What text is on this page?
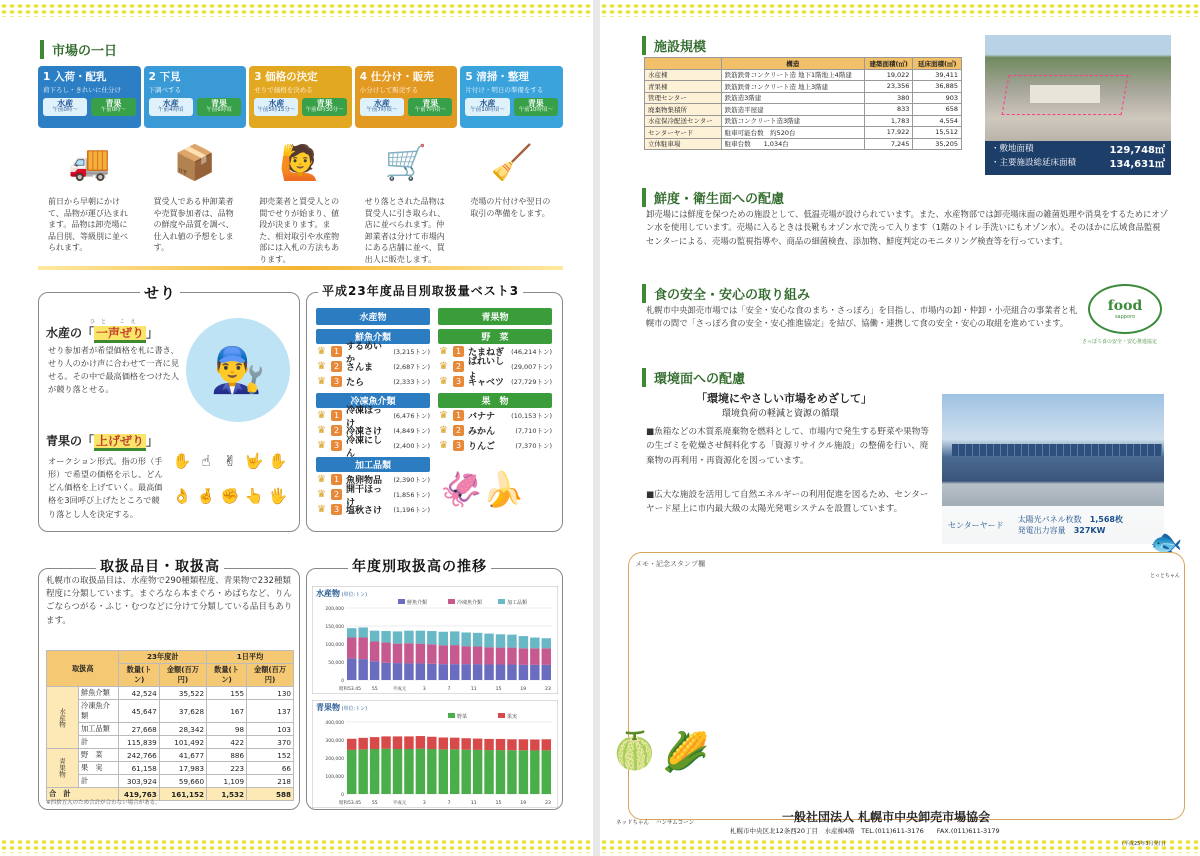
市場の一日
1 入荷・配乳
荷下ろし・きれいに仕分け
水産
午前0時〜
青果
午前0時〜
2 下見
下調べする
水産
午前4時頃
青果
午前6時頃
3 価格の決定
せりで価格を決める
水産
午前5時15分〜
青果
午前6時30分〜
4 仕分け・販売
小分けして販売する
水産
午前7時頃〜
青果
午前7時頃〜
5 清掃・整理
片付け・明日の準備をする
水産
午前10時頃〜
青果
午前10時頃〜
🚚	📦	🙋	🛒	🧹
前日から早朝にかけて、品物が運び込まれます。品物は卸売場に品目別、等級別に並べられます。
買受人である仲卸業者や売買参加者は、品物の鮮度や品質を調べ、仕入れ値の予想をします。
卸売業者と買受人との間でせりが始まり、値段が決まります。また、相対取引や水産物部には入札の方法もあります。
せり落とされた品物は買受人に引き取られ、店に並べられます。仲卸業者は分けて市場内にある店舗に並べ、買出人に販売します。
売場の片付けや翌日の取引の準備をします。
せり
ひと こえ
水産の「 一声ぜり 」
せり参加者が希望価格を札に書き、せり人のかけ声に合わせて一斉に見せる。その中で最高価格をつけた人が競り落とせる。	👨‍🔧
青果の「 上げぜり 」
オークション形式。指の形（手形）で希望の価格を示し、どんどん価格を上げていく。最高価格を3回呼び上げたところで競り落とし人を決定する。
✋ ☝ ✌ 🤟 ✋
👌 🤞 ✊ 👆 🖐
平成23年度品目別取扱量ベスト3
水産物
鮮魚介類
♛ 1 するめいか
(3,215トン)
♛ 2 さんま	(2,687トン)
♛ 3 たら	(2,333トン)
冷凍魚介類
♛ 1 冷凍ほっけ
(6,476トン)
♛ 2 冷凍さけ	(4,849トン)
♛ 3 冷凍にしん
(2,400トン)
加工品類
♛ 1 魚卵物品	(2,390トン)
♛ 2 開干ほっけ
(1,856トン)
♛ 3 塩秋さけ	(1,196トン)
青果物
野　菜
♛ 1 たまねぎ	(46,214トン)
♛ 2 ばれいしょ
(29,007トン)
♛ 3 キャベツ	(27,729トン)
果　物
♛ 1 バナナ	(10,153トン)
♛ 2 みかん	(7,710トン)
♛ 3 りんご	(7,370トン)
🦑🍌
取扱品目・取扱高
札幌市の取扱品目は、水産物で290種類程度、青果物で232種類程度に分類しています。まぐろなら本まぐろ・めばちなど、りんごならつがる・ふじ・むつなどに分けて分類している品目もあります。
取扱高		23年度計		1日平均	
		数量(トン)	金額(百万円)	数量(トン)	金額(百万円)
水産物	鮮魚介類	42,524	35,522	155	130
	冷凍魚介類	45,647	37,628	167	137
	加工品類	27,668	28,342	98	103
	計	115,839	101,492	422	370
青果物	野　菜	242,766	41,677	886	152
	果　実	61,158	17,983	223	66
	計	303,924	59,660	1,109	218
合　計		419,763	161,152	1,532	588
※四捨五入のため合計が合わない場合がある。
年度別取扱高の推移
水産物 (単位:トン)
鮮魚介類	冷凍魚介類	加工品類
200,000
150,000
100,000
50,000
0
昭和53.45 55	平成元	3	7	11	15	19	23
青果物 (単位:トン)
野菜	果実
400,000
300,000
200,000
100,000
0
昭和53.45 55	平成元	3	7	11	15	19	23
施設規模
	構造	建築面積(㎡)	延床面積(㎡)
水産棟	鉄筋鉄骨コンクリート造 地下1階地上4階建	19,022	39,411
青果棟	鉄筋鉄骨コンクリート造 地上3階建	23,356	36,885
管理センター	鉄筋造3階建	380	903
廃棄物集積所	鉄筋造平屋建	833	658
水産保冷配送センター	鉄筋コンクリート造3階建	1,783	4,554
センターヤード	駐車可能台数　約520台	17,922	15,512
立体駐車場	駐車台数　　1,034台	7,245	35,205
・敷地面積	129,748㎡
・主要施設総延床面積	134,631㎡
鮮度・衛生面への配慮
卸売場には鮮度を保つための施設として、低温売場が設けられています。また、水産物部では卸売場床面の雑菌処理や消臭をするためにオゾン水を使用しています。売場に入るときは長靴もオゾン水で洗って入ります（1階のトイレ手洗いにもオゾン水）。そのほかに広域食品監視センターによる、売場の監視指導や、商品の細菌検査、添加物、鮮度判定のモニタリング検査等を行っています。
食の安全・安心の取り組み
札幌市中央卸売市場では「安全・安心な食のまち・さっぽろ」を目指し、市場内の卸・仲卸・小売組合の事業者と札幌市の間で「さっぽろ食の安全・安心推進協定」を結び、協働・連携して食の安全・安心の取組を進めています。
food
sapporo
さっぽろ食の安全・安心推進協定
環境面への配慮
「環境にやさしい市場をめざして」
環境負荷の軽減と資源の循環
■魚箱などの木質系廃棄物を燃料として、市場内で発生する野菜や果物等の生ゴミを乾燥させ飼料化する「資源リサイクル施設」の整備を行い、廃棄物の再利用・再資源化を図っています。
■広大な施設を活用して自然エネルギーの利用促進を図るため、センターヤード屋上に市内最大級の太陽光発電システムを設置しています。
センターヤード
太陽光パネル枚数　 1,568枚
発電出力容量　 327KW	🐟
とっとちゃん
メモ・記念スタンプ欄
🍈 🌽
ネッドちゃん ハンサムコーン	一般社団法人 札幌市中央卸売市場協会
札幌市中央区北12条西20丁目　水産棟4階　TEL.(011)611-3176　　FAX.(011)611-3179
(平成25年3月発行)
